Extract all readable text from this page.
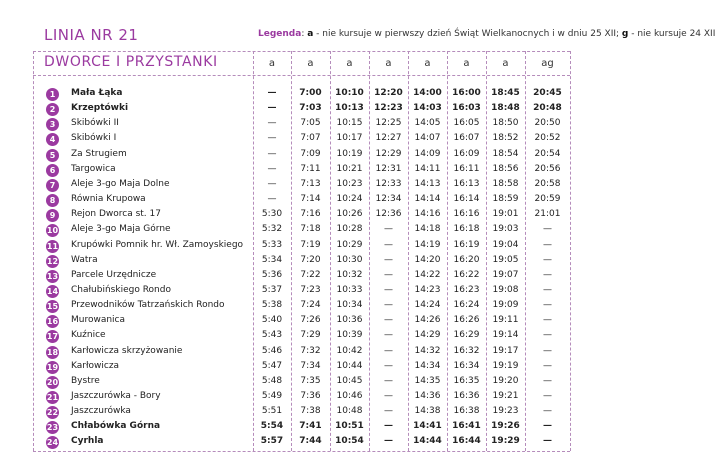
LINIA NR 21	Legenda: a - nie kursuje w pierwszy dzień Świąt Wielkanocnych i w dniu 25 XII; g - nie kursuje 24 XII
DWORCE I PRZYSTANKI	a	a	a	a	a	a	a	ag
1	Mała Łąka	—	7:00	10:10	12:20	14:00	16:00	18:45	20:45
2	Krzeptówki	—	7:03	10:13	12:23	14:03	16:03	18:48	20:48
3	Skibówki II	—	7:05	10:15	12:25	14:05	16:05	18:50	20:50
4	Skibówki I	—	7:07	10:17	12:27	14:07	16:07	18:52	20:52
5	Za Strugiem	—	7:09	10:19	12:29	14:09	16:09	18:54	20:54
6	Targowica	—	7:11	10:21	12:31	14:11	16:11	18:56	20:56
7	Aleje 3-go Maja Dolne	—	7:13	10:23	12:33	14:13	16:13	18:58	20:58
8	Równia Krupowa	—	7:14	10:24	12:34	14:14	16:14	18:59	20:59
9	Rejon Dworca st. 17	5:30	7:16	10:26	12:36	14:16	16:16	19:01	21:01
10 Aleje 3-go Maja Górne	5:32	7:18	10:28	—	14:18	16:18	19:03	—
11 Krupówki Pomnik hr. Wł. Zamoyskiego	5:33	7:19	10:29	—	14:19	16:19	19:04	—
12 Watra	5:34	7:20	10:30	—	14:20	16:20	19:05	—
13 Parcele Urzędnicze	5:36	7:22	10:32	—	14:22	16:22	19:07	—
14 Chałubińskiego Rondo	5:37	7:23	10:33	—	14:23	16:23	19:08	—
15 Przewodników Tatrzańskich Rondo	5:38	7:24	10:34	—	14:24	16:24	19:09	—
16 Murowanica	5:40	7:26	10:36	—	14:26	16:26	19:11	—
17 Kuźnice	5:43	7:29	10:39	—	14:29	16:29	19:14	—
18 Karłowicza skrzyżowanie	5:46	7:32	10:42	—	14:32	16:32	19:17	—
19 Karłowicza	5:47	7:34	10:44	—	14:34	16:34	19:19	—
20 Bystre	5:48	7:35	10:45	—	14:35	16:35	19:20	—
21 Jaszczurówka - Bory	5:49	7:36	10:46	—	14:36	16:36	19:21	—
22 Jaszczurówka	5:51	7:38	10:48	—	14:38	16:38	19:23	—
23 Chłabówka Górna	5:54	7:41	10:51	—	14:41	16:41	19:26	—
24 Cyrhla	5:57	7:44	10:54	—	14:44	16:44	19:29	—
